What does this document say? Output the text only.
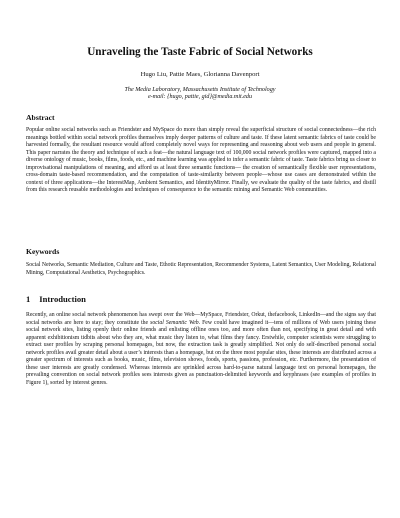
Unraveling the Taste Fabric of Social Networks
Hugo Liu, Pattie Maes, Glorianna Davenport
The Media Laboratory, Massachusetts Institute of Technology
e-mail: {hugo, pattie, gid}@media.mit.edu
Abstract
Popular online social networks such as Friendster and MySpace do more than simply reveal the superficial structure of social connectedness—the rich meanings bottled within social network profiles themselves imply deeper patterns of culture and taste. If these latent semantic fabrics of taste could be harvested formally, the resultant resource would afford completely novel ways for representing and reasoning about web users and people in general. This paper narrates the theory and technique of such a feat—the natural language text of 100,000 social network profiles were captured, mapped into a diverse ontology of music, books, films, foods, etc., and machine learning was applied to infer a semantic fabric of taste. Taste fabrics bring us closer to improvisational manipulations of meaning, and afford us at least three semantic functions— the creation of semantically flexible user representations, cross-domain taste-based recommendation, and the computation of taste-similarity between people—whose use cases are demonstrated within the context of three applications—the InterestMap, Ambient Semantics, and IdentityMirror. Finally, we evaluate the quality of the taste fabrics, and distill from this research reusable methodologies and techniques of consequence to the semantic mining and Semantic Web communities.
Keywords
Social Networks, Semantic Mediation, Culture and Taste, Ethotic Representation, Recommender Systems, Latent Semantics, User Modeling, Relational Mining, Computational Aesthetics, Psychographics.
1 Introduction
Recently, an online social network phenomenon has swept over the Web—MySpace, Friendster, Orkut, thefacebook, LinkedIn—and the signs say that social networks are here to stay; they constitute the social Semantic Web. Few could have imagined it—tens of millions of Web users joining these social network sites, listing openly their online friends and enlisting offline ones too, and more often than not, specifying in great detail and with apparent exhibitionism tidbits about who they are, what music they listen to, what films they fancy. Erstwhile, computer scientists were struggling to extract user profiles by scraping personal homepages, but now, the extraction task is greatly simplified. Not only do self-described personal social network profiles avail greater detail about a user’s interests than a homepage, but on the three most popular sites, these interests are distributed across a greater spectrum of interests such as books, music, films, television shows, foods, sports, passions, profession, etc. Furthermore, the presentation of these user interests are greatly condensed. Whereas interests are sprinkled across hard-to-parse natural language text on personal homepages, the prevailing convention on social network profiles sees interests given as punctuation-delimited keywords and keyphrases (see examples of profiles in Figure 1), sorted by interest genres.
